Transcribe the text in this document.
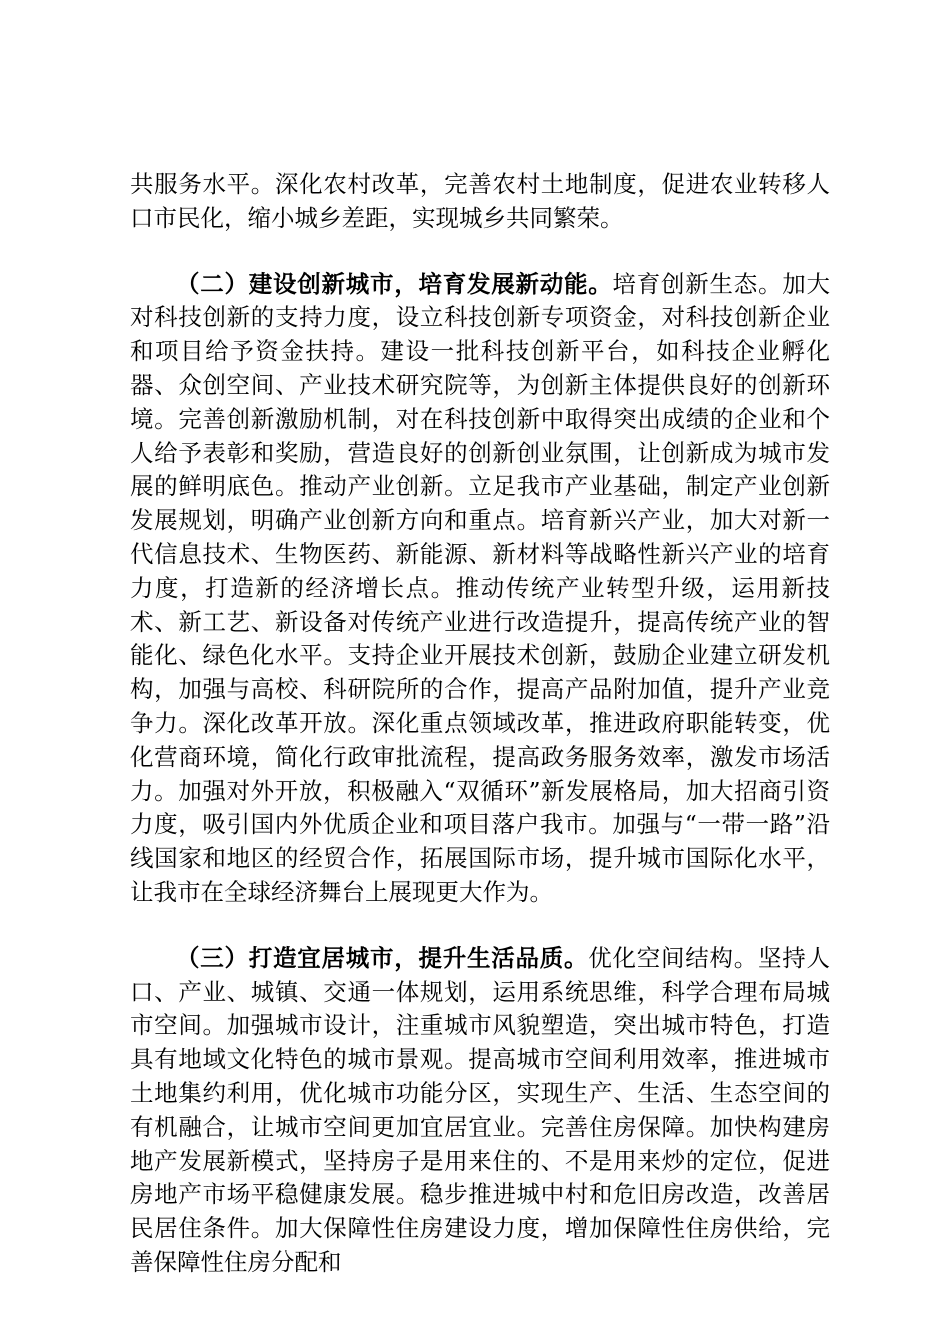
共服务水平。深化农村改革，完善农村土地制度，促进农业转移人口市民化，缩小城乡差距，实现城乡共同繁荣。

（二）建设创新城市，培育发展新动能。培育创新生态。加大对科技创新的支持力度，设立科技创新专项资金，对科技创新企业和项目给予资金扶持。建设一批科技创新平台，如科技企业孵化器、众创空间、产业技术研究院等，为创新主体提供良好的创新环境。完善创新激励机制，对在科技创新中取得突出成绩的企业和个人给予表彰和奖励，营造良好的创新创业氛围，让创新成为城市发展的鲜明底色。推动产业创新。立足我市产业基础，制定产业创新发展规划，明确产业创新方向和重点。培育新兴产业，加大对新一代信息技术、生物医药、新能源、新材料等战略性新兴产业的培育力度，打造新的经济增长点。推动传统产业转型升级，运用新技术、新工艺、新设备对传统产业进行改造提升，提高传统产业的智能化、绿色化水平。支持企业开展技术创新，鼓励企业建立研发机构，加强与高校、科研院所的合作，提高产品附加值，提升产业竞争力。深化改革开放。深化重点领域改革，推进政府职能转变，优化营商环境，简化行政审批流程，提高政务服务效率，激发市场活力。加强对外开放，积极融入“双循环”新发展格局，加大招商引资力度，吸引国内外优质企业和项目落户我市。加强与“一带一路”沿线国家和地区的经贸合作，拓展国际市场，提升城市国际化水平，让我市在全球经济舞台上展现更大作为。

（三）打造宜居城市，提升生活品质。优化空间结构。坚持人口、产业、城镇、交通一体规划，运用系统思维，科学合理布局城市空间。加强城市设计，注重城市风貌塑造，突出城市特色，打造具有地域文化特色的城市景观。提高城市空间利用效率，推进城市土地集约利用，优化城市功能分区，实现生产、生活、生态空间的有机融合，让城市空间更加宜居宜业。完善住房保障。加快构建房地产发展新模式，坚持房子是用来住的、不是用来炒的定位，促进房地产市场平稳健康发展。稳步推进城中村和危旧房改造，改善居民居住条件。加大保障性住房建设力度，增加保障性住房供给，完善保障性住房分配和
